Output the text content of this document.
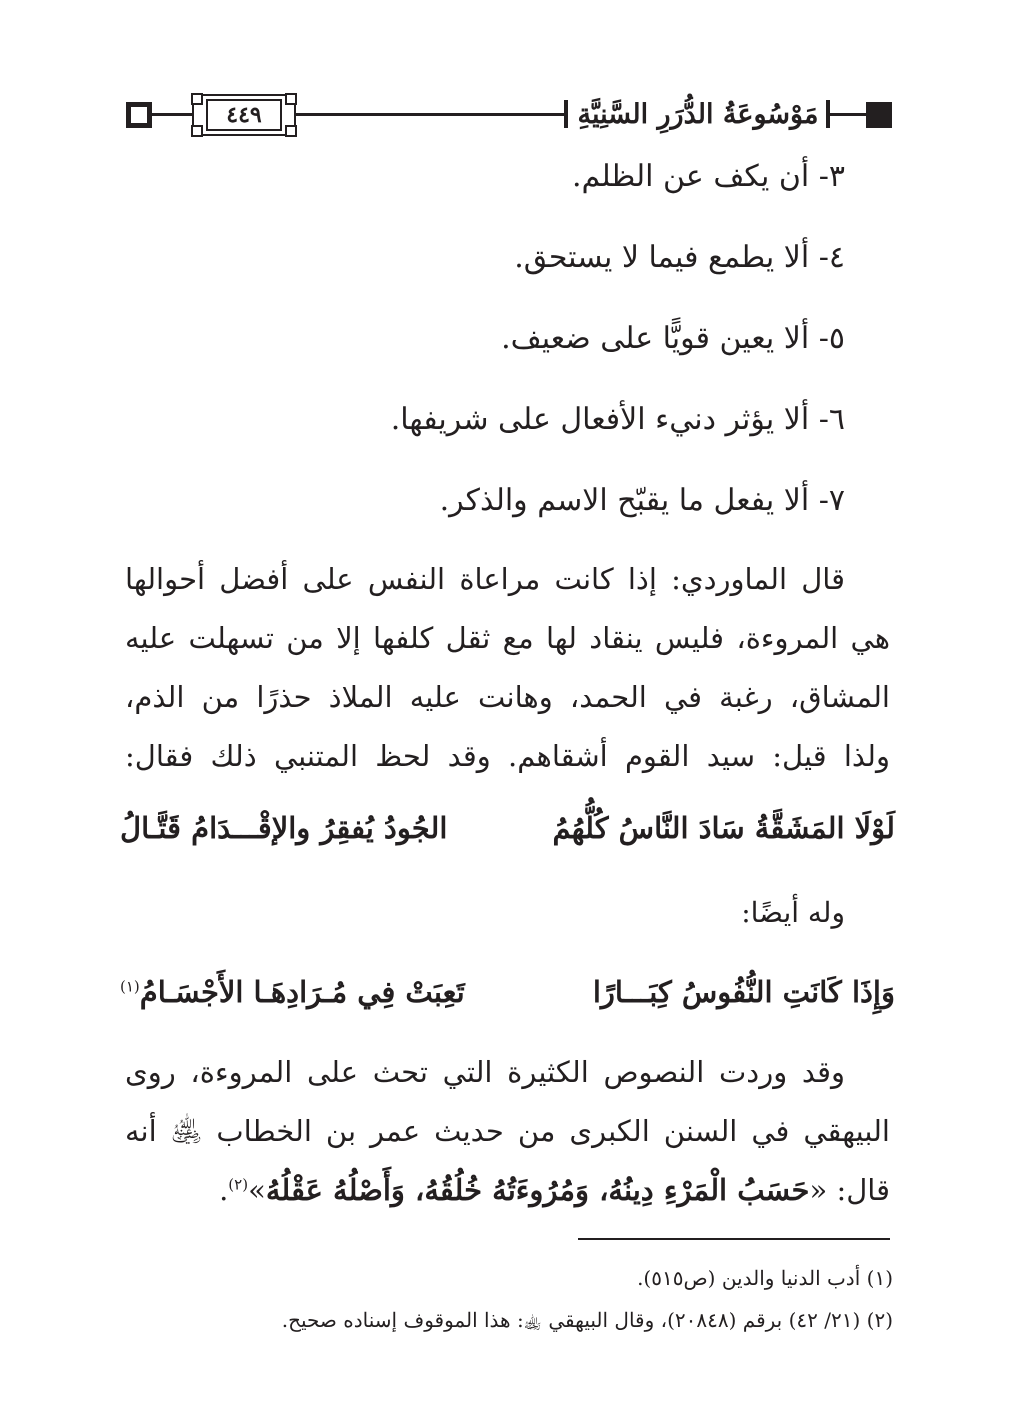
٤٤٩	مَوْسُوعَةُ الدُّرَرِ السَّنِيَّةِ
٣- أن يكف عن الظلم.
٤- ألا يطمع فيما لا يستحق.
٥- ألا يعين قويًّا على ضعيف.
٦- ألا يؤثر دنيء الأفعال على شريفها.
٧- ألا يفعل ما يقبّح الاسم والذكر.
قال الماوردي: إذا كانت مراعاة النفس على أفضل أحوالها
هي المروءة، فليس ينقاد لها مع ثقل كلفها إلا من تسهلت عليه
المشاق، رغبة في الحمد، وهانت عليه الملاذ حذرًا من الذم،
ولذا قيل: سيد القوم أشقاهم. وقد لحظ المتنبي ذلك فقال:
لَوْلَا المَشَقَّةُ سَادَ النَّاسُ كُلُّهُمُ
الجُودُ يُفقِرُ والإقْـــدَامُ قَتَّـالُ
وله أيضًا:
وَإِذَا كَانَتِ النُّفُوسُ كِبَـــارًا
تَعِبَتْ فِي مُـرَادِهَـا الأَجْسَـامُ$^{(١)}$
وقد وردت النصوص الكثيرة التي تحث على المروءة، روى
البيهقي في السنن الكبرى من حديث عمر بن الخطاب ﵁ أنه
قال: «حَسَبُ الْمَرْءِ دِينُهُ، وَمُرُوءَتُهُ خُلُقُهُ، وَأَصْلُهُ عَقْلُهُ»$^{(٢)}$.
(١) أدب الدنيا والدين (ص٥١٥).
(٢) (٢١/ ٤٢) برقم (٢٠٨٤٨)، وقال البيهقي ﵀: هذا الموقوف إسناده صحيح.
